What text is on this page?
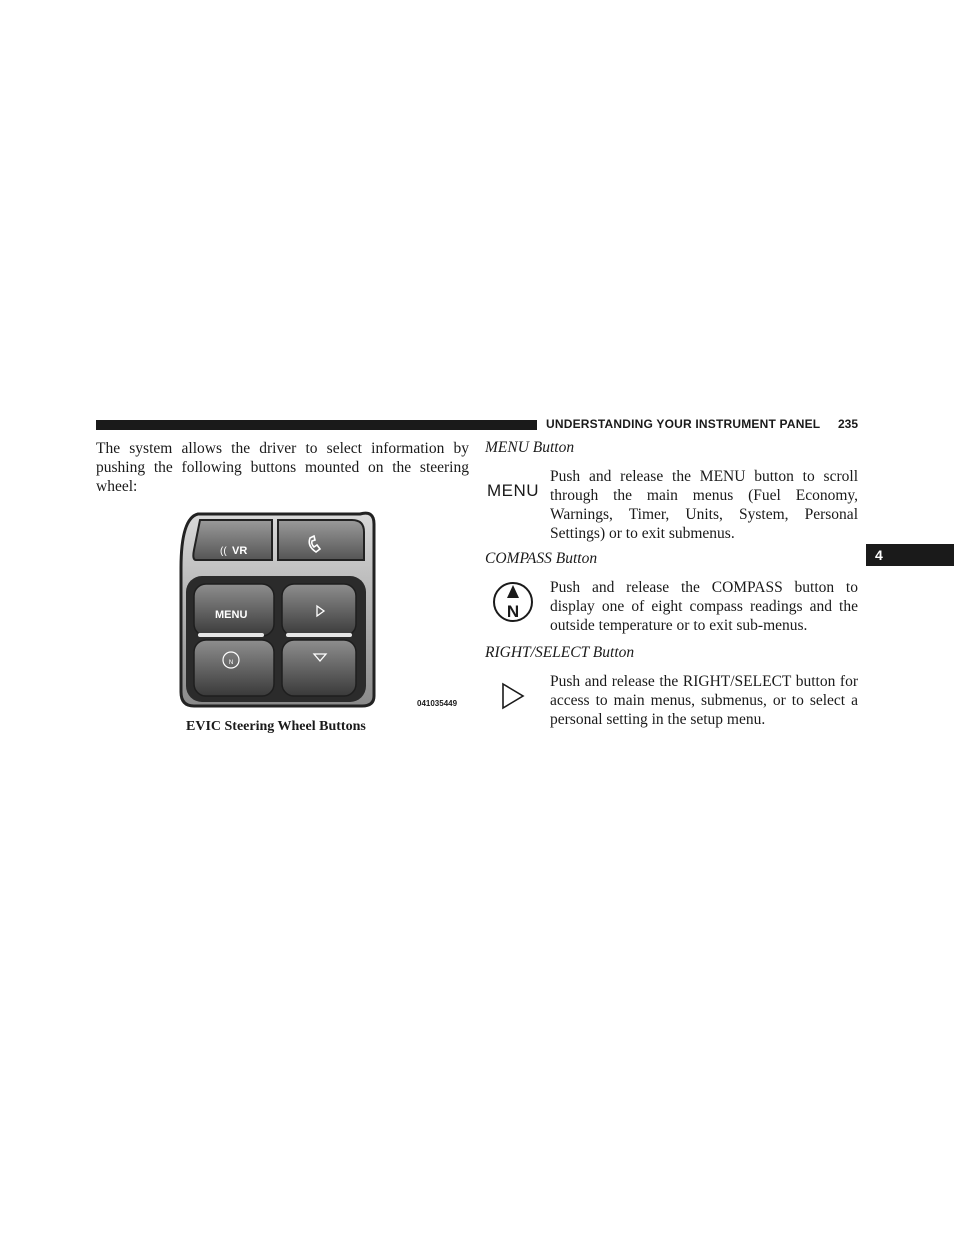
UNDERSTANDING YOUR INSTRUMENT PANEL 235
4
The system allows the driver to select information by pushing the following buttons mounted on the steering wheel:
(( VR
MENU
N
041035449
EVIC Steering Wheel Buttons
MENU Button
MENU
Push and release the MENU button to scroll through the main menus (Fuel Economy, Warnings, Timer, Units, System, Personal Settings) or to exit submenus.
COMPASS Button
N
Push and release the COMPASS button to display one of eight compass readings and the outside temperature or to exit sub-menus.
RIGHT/SELECT Button
Push and release the RIGHT/SELECT button for access to main menus, submenus, or to select a personal setting in the setup menu.
